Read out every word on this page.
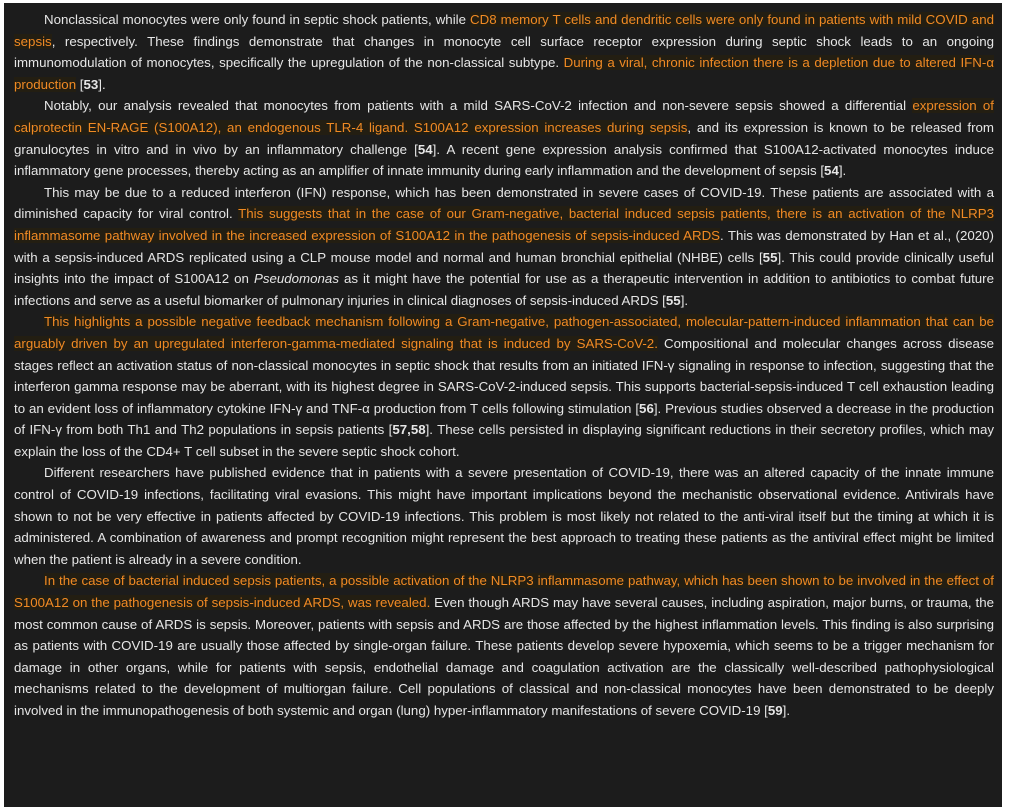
Nonclassical monocytes were only found in septic shock patients, while CD8 memory T cells and dendritic cells were only found in patients with mild COVID and sepsis, respectively. These findings demonstrate that changes in monocyte cell surface receptor expression during septic shock leads to an ongoing immunomodulation of monocytes, specifically the upregulation of the non-classical subtype. During a viral, chronic infection there is a depletion due to altered IFN-α production [53].

Notably, our analysis revealed that monocytes from patients with a mild SARS-CoV-2 infection and non-severe sepsis showed a differential expression of calprotectin EN-RAGE (S100A12), an endogenous TLR-4 ligand. S100A12 expression increases during sepsis, and its expression is known to be released from granulocytes in vitro and in vivo by an inflammatory challenge [54]. A recent gene expression analysis confirmed that S100A12-activated monocytes induce inflammatory gene processes, thereby acting as an amplifier of innate immunity during early inflammation and the development of sepsis [54].

This may be due to a reduced interferon (IFN) response, which has been demonstrated in severe cases of COVID-19. These patients are associated with a diminished capacity for viral control. This suggests that in the case of our Gram-negative, bacterial induced sepsis patients, there is an activation of the NLRP3 inflammasome pathway involved in the increased expression of S100A12 in the pathogenesis of sepsis-induced ARDS. This was demonstrated by Han et al., (2020) with a sepsis-induced ARDS replicated using a CLP mouse model and normal and human bronchial epithelial (NHBE) cells [55]. This could provide clinically useful insights into the impact of S100A12 on Pseudomonas as it might have the potential for use as a therapeutic intervention in addition to antibiotics to combat future infections and serve as a useful biomarker of pulmonary injuries in clinical diagnoses of sepsis-induced ARDS [55].

This highlights a possible negative feedback mechanism following a Gram-negative, pathogen-associated, molecular-pattern-induced inflammation that can be arguably driven by an upregulated interferon-gamma-mediated signaling that is induced by SARS-CoV-2. Compositional and molecular changes across disease stages reflect an activation status of non-classical monocytes in septic shock that results from an initiated IFN-γ signaling in response to infection, suggesting that the interferon gamma response may be aberrant, with its highest degree in SARS-CoV-2-induced sepsis. This supports bacterial-sepsis-induced T cell exhaustion leading to an evident loss of inflammatory cytokine IFN-γ and TNF-α production from T cells following stimulation [56]. Previous studies observed a decrease in the production of IFN-γ from both Th1 and Th2 populations in sepsis patients [57,58]. These cells persisted in displaying significant reductions in their secretory profiles, which may explain the loss of the CD4+ T cell subset in the severe septic shock cohort.

Different researchers have published evidence that in patients with a severe presentation of COVID-19, there was an altered capacity of the innate immune control of COVID-19 infections, facilitating viral evasions. This might have important implications beyond the mechanistic observational evidence. Antivirals have shown to not be very effective in patients affected by COVID-19 infections. This problem is most likely not related to the anti-viral itself but the timing at which it is administered. A combination of awareness and prompt recognition might represent the best approach to treating these patients as the antiviral effect might be limited when the patient is already in a severe condition.

In the case of bacterial induced sepsis patients, a possible activation of the NLRP3 inflammasome pathway, which has been shown to be involved in the effect of S100A12 on the pathogenesis of sepsis-induced ARDS, was revealed. Even though ARDS may have several causes, including aspiration, major burns, or trauma, the most common cause of ARDS is sepsis. Moreover, patients with sepsis and ARDS are those affected by the highest inflammation levels. This finding is also surprising as patients with COVID-19 are usually those affected by single-organ failure. These patients develop severe hypoxemia, which seems to be a trigger mechanism for damage in other organs, while for patients with sepsis, endothelial damage and coagulation activation are the classically well-described pathophysiological mechanisms related to the development of multiorgan failure. Cell populations of classical and non-classical monocytes have been demonstrated to be deeply involved in the immunopathogenesis of both systemic and organ (lung) hyper-inflammatory manifestations of severe COVID-19 [59].
